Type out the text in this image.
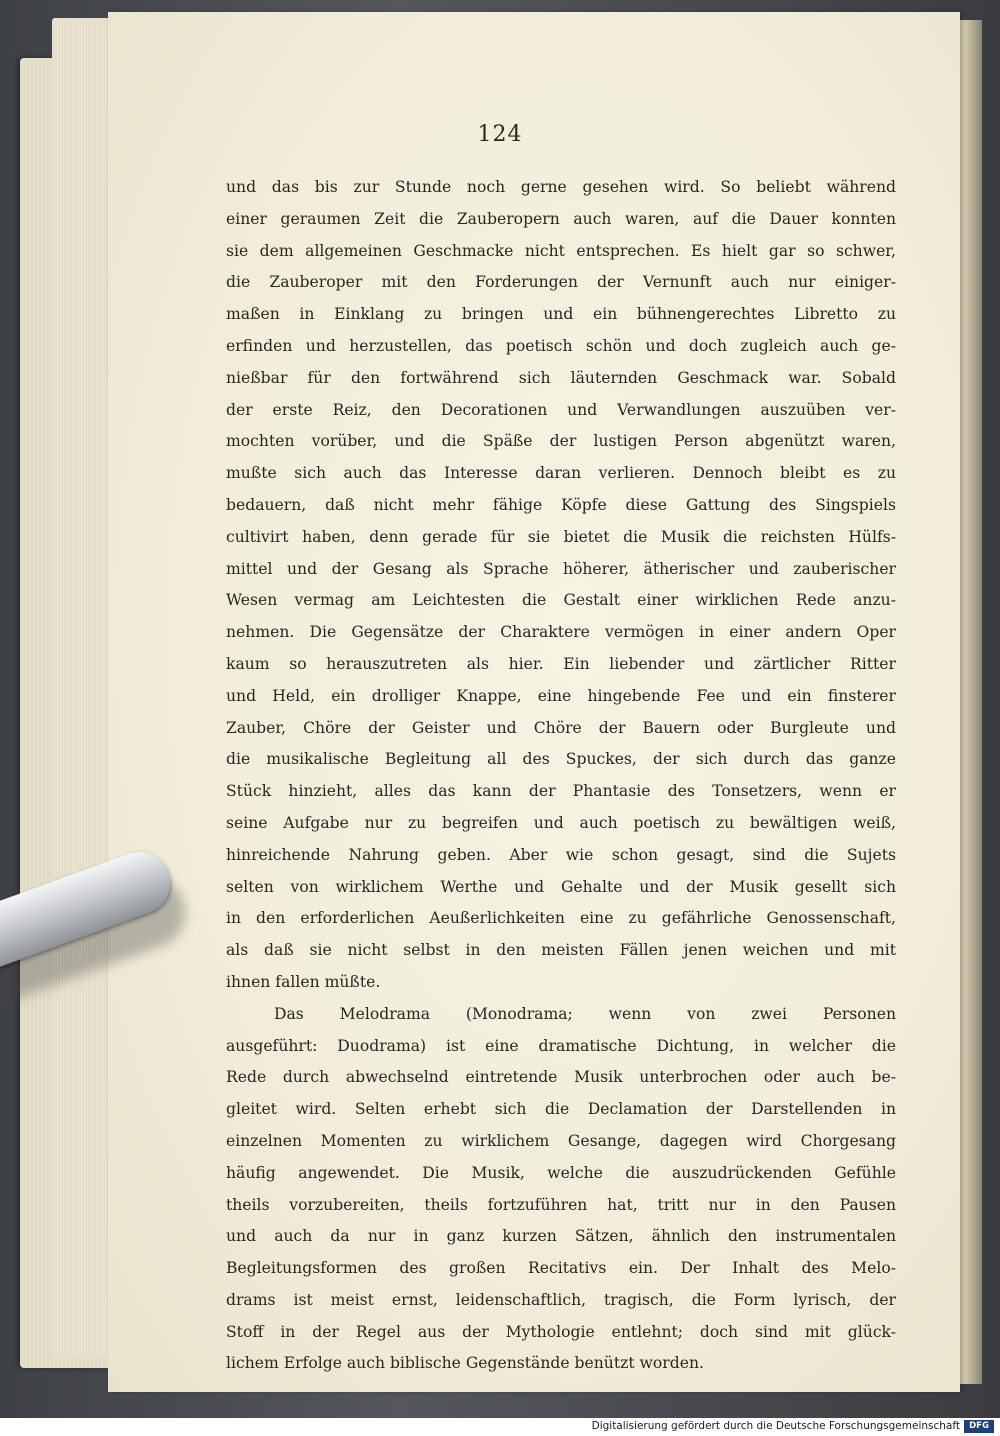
124
und das bis zur Stunde noch gerne gesehen wird. So beliebt während
einer geraumen Zeit die Zauberopern auch waren, auf die Dauer konnten
sie dem allgemeinen Geschmacke nicht entsprechen. Es hielt gar so schwer,
die Zauberoper mit den Forderungen der Vernunft auch nur einiger-
maßen in Einklang zu bringen und ein bühnengerechtes Libretto zu
erfinden und herzustellen, das poetisch schön und doch zugleich auch ge-
nießbar für den fortwährend sich läuternden Geschmack war. Sobald
der erste Reiz, den Decorationen und Verwandlungen auszuüben ver-
mochten vorüber, und die Späße der lustigen Person abgenützt waren,
mußte sich auch das Interesse daran verlieren. Dennoch bleibt es zu
bedauern, daß nicht mehr fähige Köpfe diese Gattung des Singspiels
cultivirt haben, denn gerade für sie bietet die Musik die reichsten Hülfs-
mittel und der Gesang als Sprache höherer, ätherischer und zauberischer
Wesen vermag am Leichtesten die Gestalt einer wirklichen Rede anzu-
nehmen. Die Gegensätze der Charaktere vermögen in einer andern Oper
kaum so herauszutreten als hier. Ein liebender und zärtlicher Ritter
und Held, ein drolliger Knappe, eine hingebende Fee und ein finsterer
Zauber, Chöre der Geister und Chöre der Bauern oder Burgleute und
die musikalische Begleitung all des Spuckes, der sich durch das ganze
Stück hinzieht, alles das kann der Phantasie des Tonsetzers, wenn er
seine Aufgabe nur zu begreifen und auch poetisch zu bewältigen weiß,
hinreichende Nahrung geben. Aber wie schon gesagt, sind die Sujets
selten von wirklichem Werthe und Gehalte und der Musik gesellt sich
in den erforderlichen Aeußerlichkeiten eine zu gefährliche Genossenschaft,
als daß sie nicht selbst in den meisten Fällen jenen weichen und mit
ihnen fallen müßte.
Das Melodrama (Monodrama; wenn von zwei Personen
ausgeführt: Duodrama) ist eine dramatische Dichtung, in welcher die
Rede durch abwechselnd eintretende Musik unterbrochen oder auch be-
gleitet wird. Selten erhebt sich die Declamation der Darstellenden in
einzelnen Momenten zu wirklichem Gesange, dagegen wird Chorgesang
häufig angewendet. Die Musik, welche die auszudrückenden Gefühle
theils vorzubereiten, theils fortzuführen hat, tritt nur in den Pausen
und auch da nur in ganz kurzen Sätzen, ähnlich den instrumentalen
Begleitungsformen des großen Recitativs ein. Der Inhalt des Melo-
drams ist meist ernst, leidenschaftlich, tragisch, die Form lyrisch, der
Stoff in der Regel aus der Mythologie entlehnt; doch sind mit glück-
lichem Erfolge auch biblische Gegenstände benützt worden.
Digitalisierung gefördert durch die Deutsche Forschungsgemeinschaft	DFG
